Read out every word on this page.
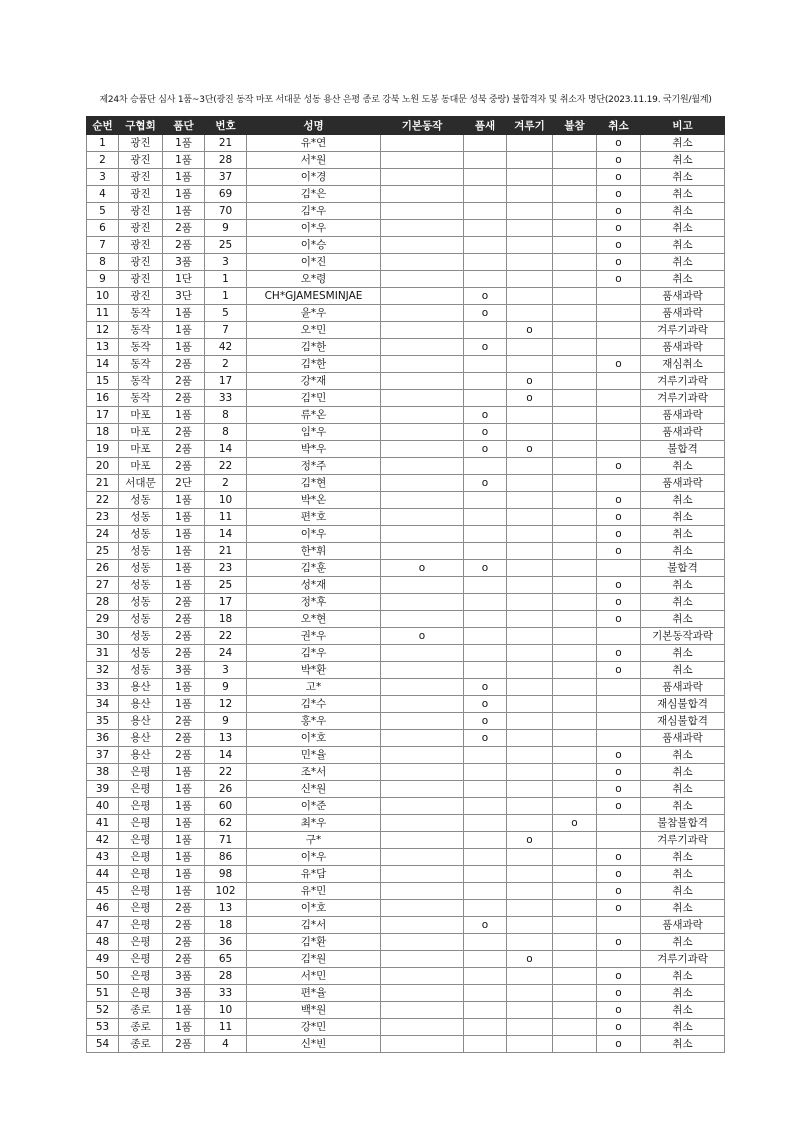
제24차 승품단 심사 1품~3단(광진 동작 마포 서대문 성동 용산 은평 종로 강북 노원 도봉 동대문 성북 중랑) 불합격자 및 취소자 명단(2023.11.19. 국기원/월계)
순번	구협회	품단	번호	성명	기본동작	품새	겨루기	불참	취소	비고
1	광진	1품	21	유*연					o	취소
2	광진	1품	28	서*원					o	취소
3	광진	1품	37	이*경					o	취소
4	광진	1품	69	김*은					o	취소
5	광진	1품	70	김*우					o	취소
6	광진	2품	9	이*우					o	취소
7	광진	2품	25	이*승					o	취소
8	광진	3품	3	이*진					o	취소
9	광진	1단	1	오*령					o	취소
10	광진	3단	1	CH*GJAMESMINJAE		o				품새과락
11	동작	1품	5	윤*우		o				품새과락
12	동작	1품	7	오*민			o			겨루기과락
13	동작	1품	42	김*한		o				품새과락
14	동작	2품	2	김*한					o	재심취소
15	동작	2품	17	강*재			o			겨루기과락
16	동작	2품	33	김*민			o			겨루기과락
17	마포	1품	8	류*온		o				품새과락
18	마포	2품	8	임*우		o				품새과락
19	마포	2품	14	박*우		o	o			불합격
20	마포	2품	22	정*주					o	취소
21	서대문	2단	2	김*현		o				품새과락
22	성동	1품	10	박*온					o	취소
23	성동	1품	11	편*호					o	취소
24	성동	1품	14	이*우					o	취소
25	성동	1품	21	한*휘					o	취소
26	성동	1품	23	김*훈	o	o				불합격
27	성동	1품	25	성*재					o	취소
28	성동	2품	17	정*후					o	취소
29	성동	2품	18	오*현					o	취소
30	성동	2품	22	권*우	o					기본동작과락
31	성동	2품	24	김*우					o	취소
32	성동	3품	3	박*환					o	취소
33	용산	1품	9	고*		o				품새과락
34	용산	1품	12	김*수		o				재심불합격
35	용산	2품	9	홍*우		o				재심불합격
36	용산	2품	13	이*호		o				품새과락
37	용산	2품	14	민*율					o	취소
38	은평	1품	22	조*서					o	취소
39	은평	1품	26	신*원					o	취소
40	은평	1품	60	이*준					o	취소
41	은평	1품	62	최*우				o		불참불합격
42	은평	1품	71	구*			o			겨루기과락
43	은평	1품	86	이*우					o	취소
44	은평	1품	98	유*담					o	취소
45	은평	1품	102	유*민					o	취소
46	은평	2품	13	이*호					o	취소
47	은평	2품	18	김*서		o				품새과락
48	은평	2품	36	김*환					o	취소
49	은평	2품	65	김*원			o			겨루기과락
50	은평	3품	28	서*민					o	취소
51	은평	3품	33	편*율					o	취소
52	종로	1품	10	백*원					o	취소
53	종로	1품	11	강*민					o	취소
54	종로	2품	4	신*빈					o	취소
